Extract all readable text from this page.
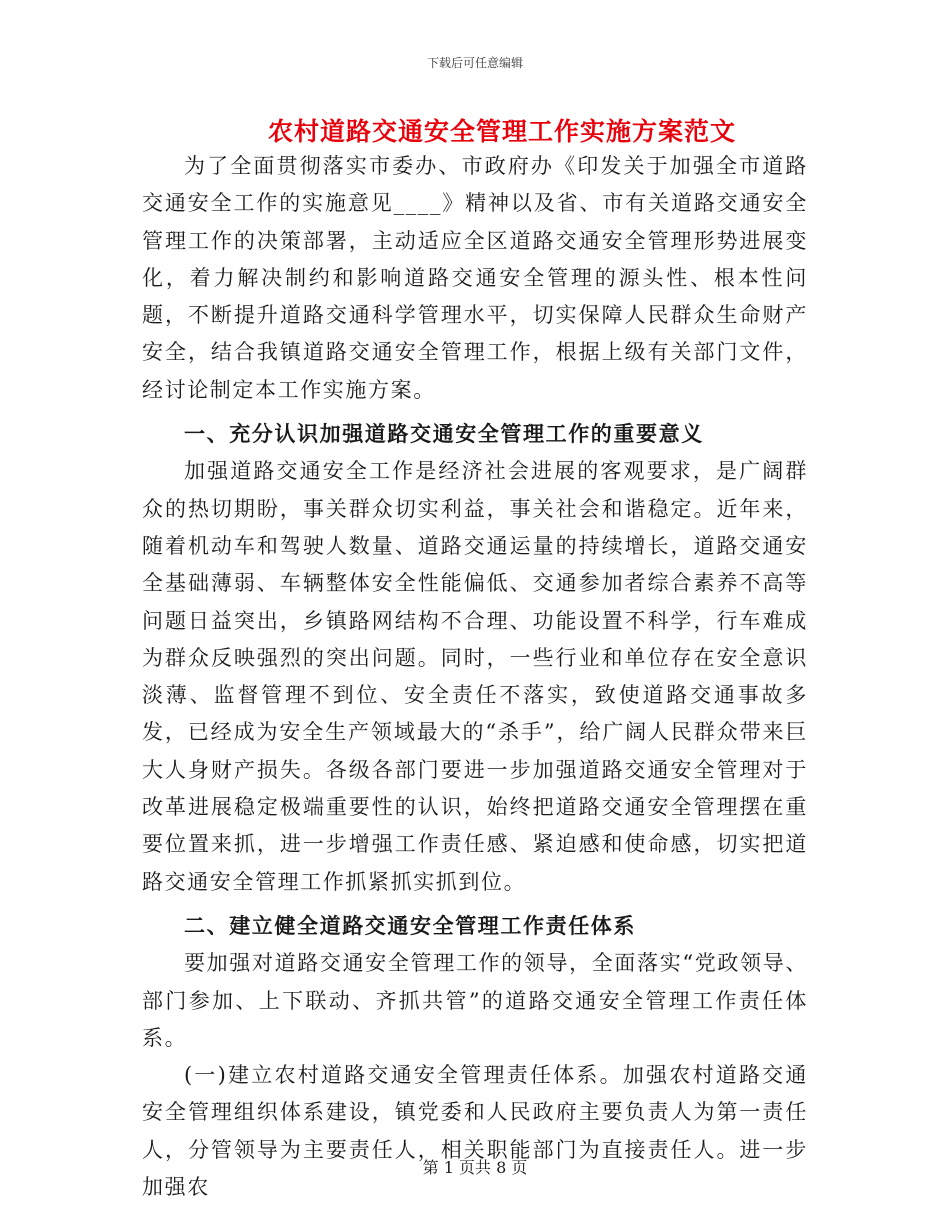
下载后可任意编辑
农村道路交通安全管理工作实施方案范文

为了全面贯彻落实市委办、市政府办《印发关于加强全市道路交通安全工作的实施意见____》精神以及省、市有关道路交通安全管理工作的决策部署，主动适应全区道路交通安全管理形势进展变化，着力解决制约和影响道路交通安全管理的源头性、根本性问题，不断提升道路交通科学管理水平，切实保障人民群众生命财产安全，结合我镇道路交通安全管理工作，根据上级有关部门文件，经讨论制定本工作实施方案。

一、充分认识加强道路交通安全管理工作的重要意义

加强道路交通安全工作是经济社会进展的客观要求，是广阔群众的热切期盼，事关群众切实利益，事关社会和谐稳定。近年来，随着机动车和驾驶人数量、道路交通运量的持续增长，道路交通安全基础薄弱、车辆整体安全性能偏低、交通参加者综合素养不高等问题日益突出，乡镇路网结构不合理、功能设置不科学，行车难成为群众反映强烈的突出问题。同时，一些行业和单位存在安全意识淡薄、监督管理不到位、安全责任不落实，致使道路交通事故多发，已经成为安全生产领域最大的“杀手”，给广阔人民群众带来巨大人身财产损失。各级各部门要进一步加强道路交通安全管理对于改革进展稳定极端重要性的认识，始终把道路交通安全管理摆在重要位置来抓，进一步增强工作责任感、紧迫感和使命感，切实把道路交通安全管理工作抓紧抓实抓到位。

二、建立健全道路交通安全管理工作责任体系

要加强对道路交通安全管理工作的领导，全面落实“党政领导、部门参加、上下联动、齐抓共管”的道路交通安全管理工作责任体系。

(一)建立农村道路交通安全管理责任体系。加强农村道路交通安全管理组织体系建设，镇党委和人民政府主要负责人为第一责任人，分管领导为主要责任人，相关职能部门为直接责任人。进一步加强农

第 1 页共 8 页
